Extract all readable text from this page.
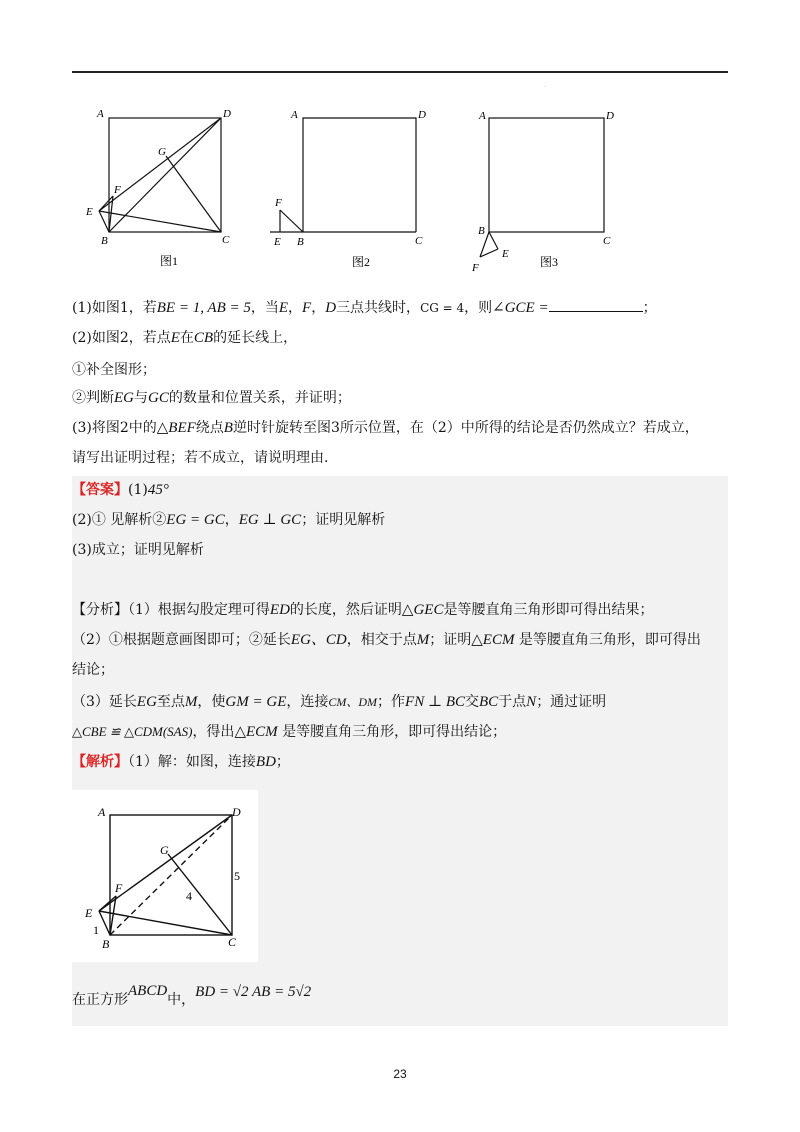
·
A	D
G
F
E
B	C
图1
A	D
F
E B	C
图2
A	D
B
E
F
C
图3
(1)如图1，若BE = 1, AB = 5，当E，F，D三点共线时，CG = 4，则∠GCE =	；
(2)如图2，若点E在CB的延长线上，
①补全图形；
②判断EG与GC的数量和位置关系，并证明；
(3)将图2中的△BEF绕点B逆时针旋转至图3所示位置，在（2）中所得的结论是否仍然成立？若成立，
请写出证明过程；若不成立，请说明理由.
【答案】(1)45°
(2)① 见解析②EG = GC，EG ⊥ GC；证明见解析
(3)成立；证明见解析
【分析】（1）根据勾股定理可得ED的长度，然后证明△GEC是等腰直角三角形即可得出结果；
（2）①根据题意画图即可；②延长EG、CD，相交于点M；证明△ECM 是等腰直角三角形，即可得出
结论；
（3）延长EG至点M，使GM = GE，连接CM、DM；作FN ⊥ BC交BC于点N；通过证明
△CBE ≌ △CDM(SAS)，得出△ECM 是等腰直角三角形，即可得出结论；
【解析】（1）解：如图，连接BD；
A	D
G
F
E
B	C
5
4
1
在正方形ABCD中，BD = √2 AB = 5√2
23
